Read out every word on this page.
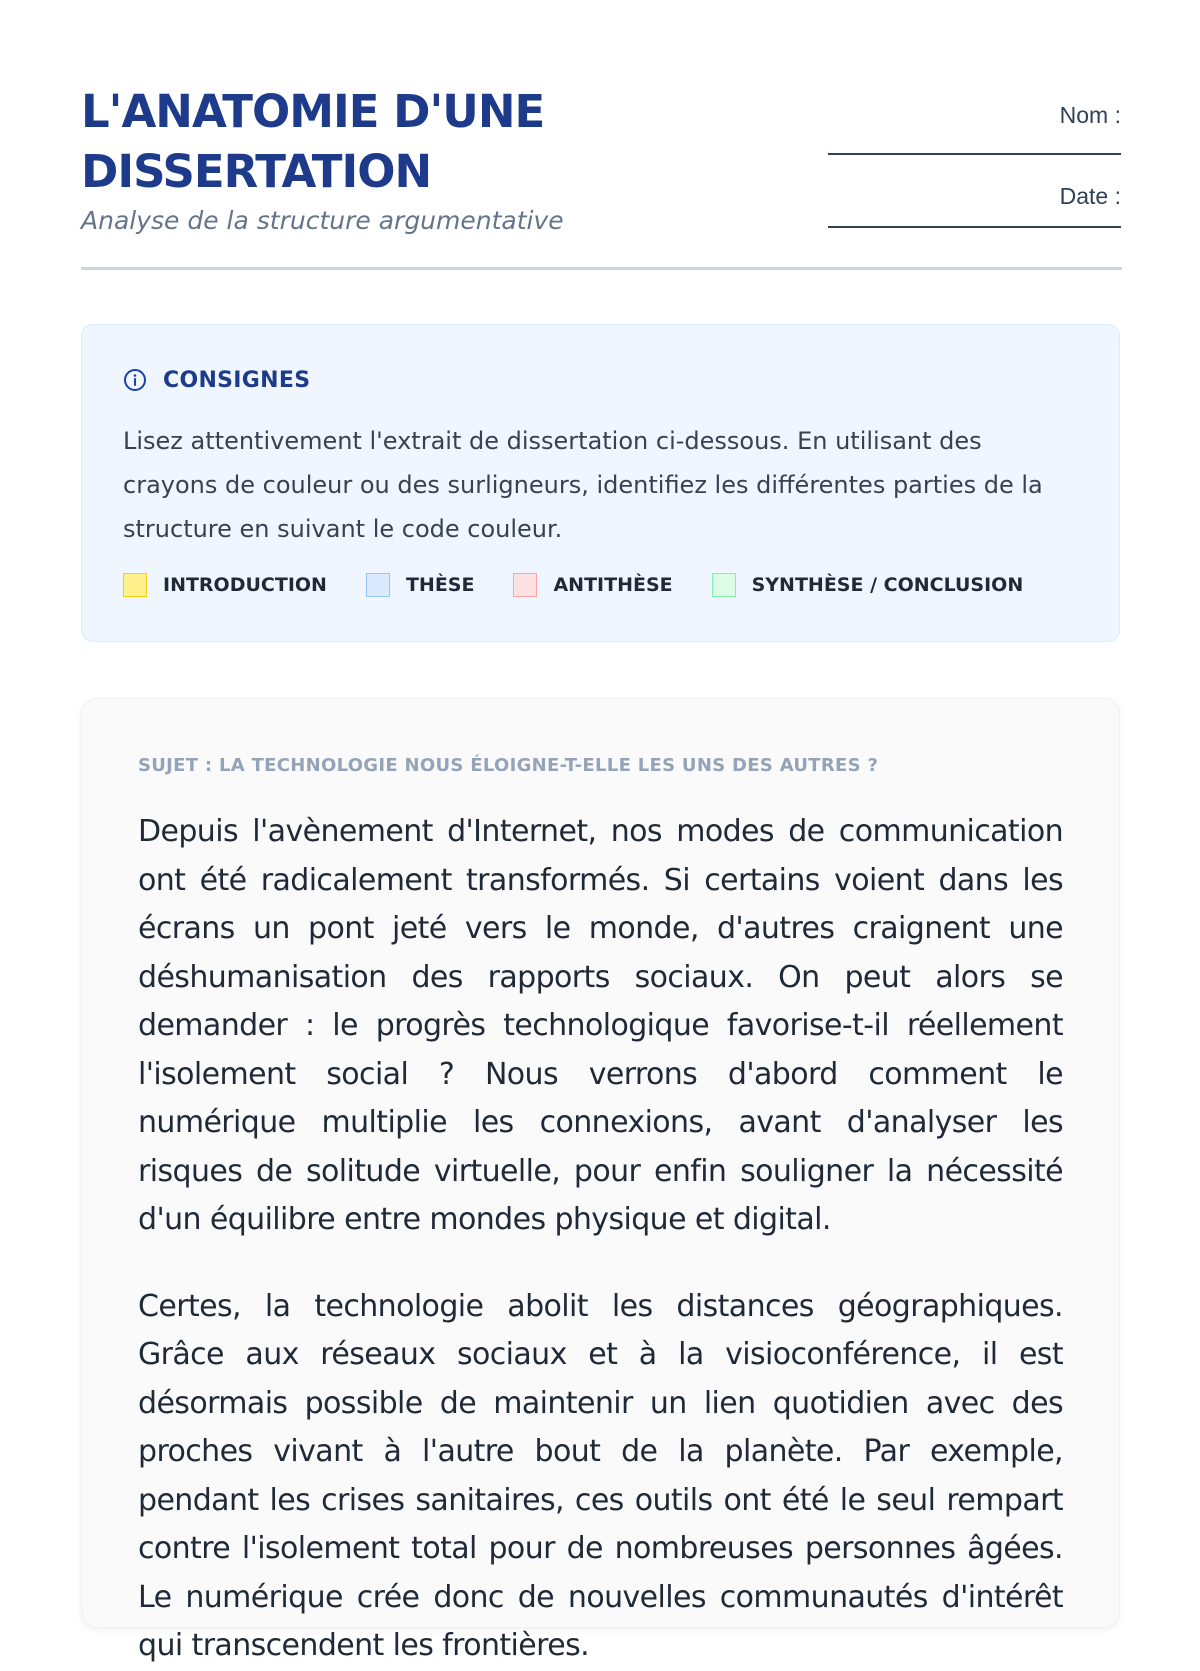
L'ANATOMIE D'UNE DISSERTATION
Analyse de la structure argumentative
Nom :
Date :
CONSIGNES

Lisez attentivement l'extrait de dissertation ci-dessous. En utilisant des crayons de couleur ou des surligneurs, identifiez les différentes parties de la structure en suivant le code couleur.

INTRODUCTION	THÈSE	ANTITHÈSE	SYNTHÈSE / CONCLUSION
SUJET : LA TECHNOLOGIE NOUS ÉLOIGNE-T-ELLE LES UNS DES AUTRES ?

Depuis l'avènement d'Internet, nos modes de communication ont été radicalement transformés. Si certains voient dans les écrans un pont jeté vers le monde, d'autres craignent une déshumanisation des rapports sociaux. On peut alors se demander : le progrès technologique favorise-t-il réellement l'isolement social ? Nous verrons d'abord comment le numérique multiplie les connexions, avant d'analyser les risques de solitude virtuelle, pour enfin souligner la nécessité d'un équilibre entre mondes physique et digital.

Certes, la technologie abolit les distances géographiques. Grâce aux réseaux sociaux et à la visioconférence, il est désormais possible de maintenir un lien quotidien avec des proches vivant à l'autre bout de la planète. Par exemple, pendant les crises sanitaires, ces outils ont été le seul rempart contre l'isolement total pour de nombreuses personnes âgées. Le numérique crée donc de nouvelles communautés d'intérêt qui transcendent les frontières.
